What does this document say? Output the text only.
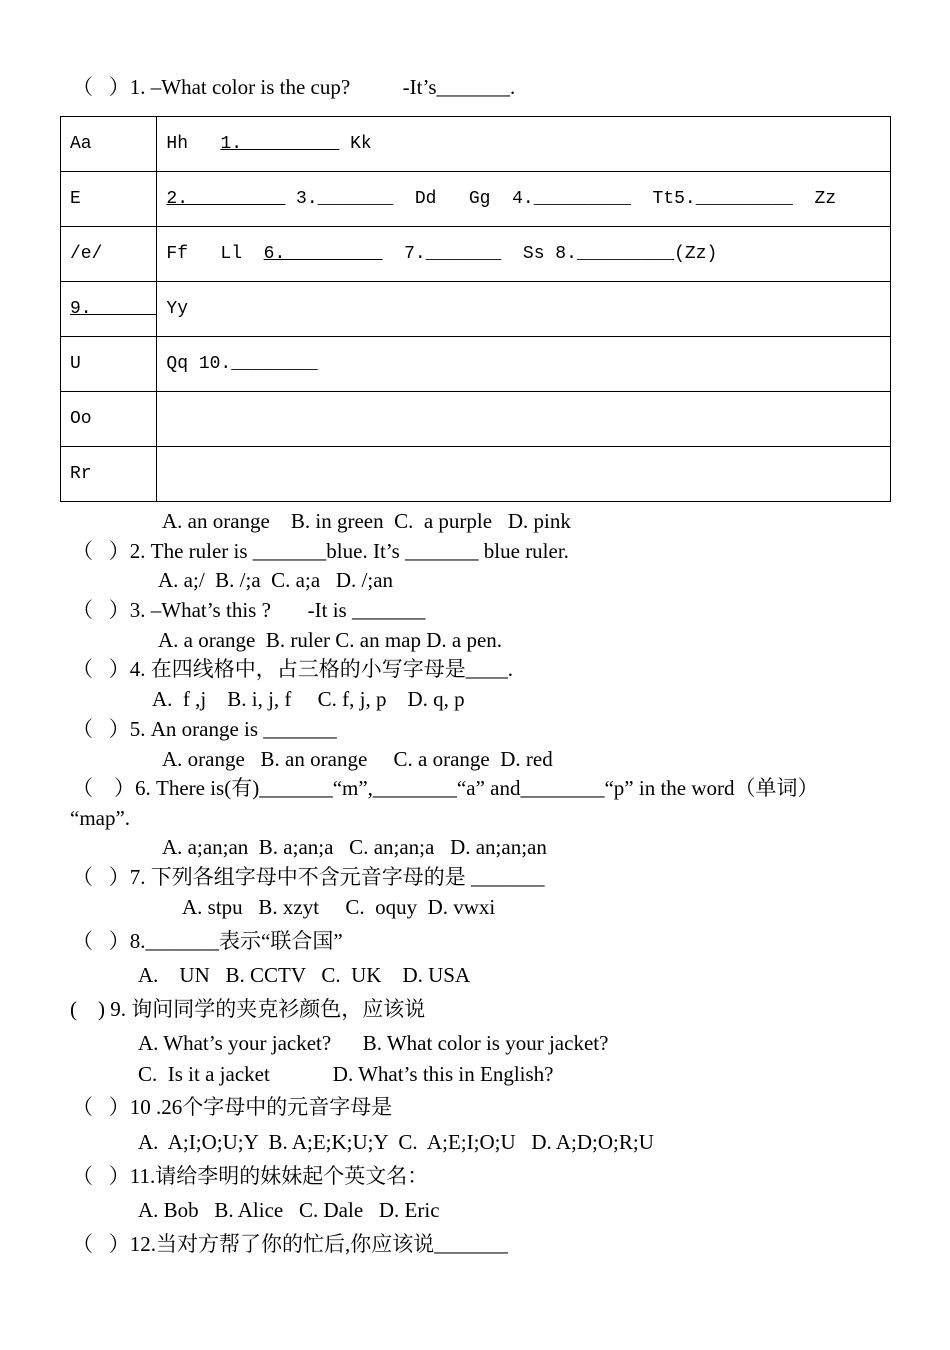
（   ）1. –What color is the cup?          -It’s_______.
Aa	Hh   1._________ Kk
E	2._________ 3._______  Dd   Gg  4._________  Tt5._________  Zz
/e/	Ff   Ll  6._________  7._______  Ss 8._________(Zz)
9.______	Yy
U	Qq 10.________
Oo	
Rr	
A. an orange    B. in green  C.  a purple   D. pink
（   ）2. The ruler is _______blue. It’s _______ blue ruler.
A. a;/  B. /;a  C. a;a   D. /;an
（   ）3. –What’s this ?       -It is _______
A. a orange  B. ruler C. an map D. a pen.
（   ）4. 在四线格中，占三格的小写字母是____.
A.  f ,j    B. i, j, f     C. f, j, p    D. q, p
（   ）5. An orange is _______
A. orange   B. an orange     C. a orange  D. red
（    ）6. There is(有)_______“m”,________“a” and________“p” in the word（单词）
“map”.
A. a;an;an  B. a;an;a   C. an;an;a   D. an;an;an
（   ）7. 下列各组字母中不含元音字母的是 _______
A. stpu   B. xzyt     C.  oquy  D. vwxi
（   ）8._______表示“联合国”
A.    UN   B. CCTV   C.  UK    D. USA
(    ) 9. 询问同学的夹克衫颜色，应该说
A. What’s your jacket?      B. What color is your jacket?
C.  Is it a jacket            D. What’s this in English?
（   ）10 .26个字母中的元音字母是
A.  A;I;O;U;Y  B. A;E;K;U;Y  C.  A;E;I;O;U   D. A;D;O;R;U
（   ）11.请给李明的妹妹起个英文名：
A. Bob   B. Alice   C. Dale   D. Eric
（   ）12.当对方帮了你的忙后,你应该说_______
